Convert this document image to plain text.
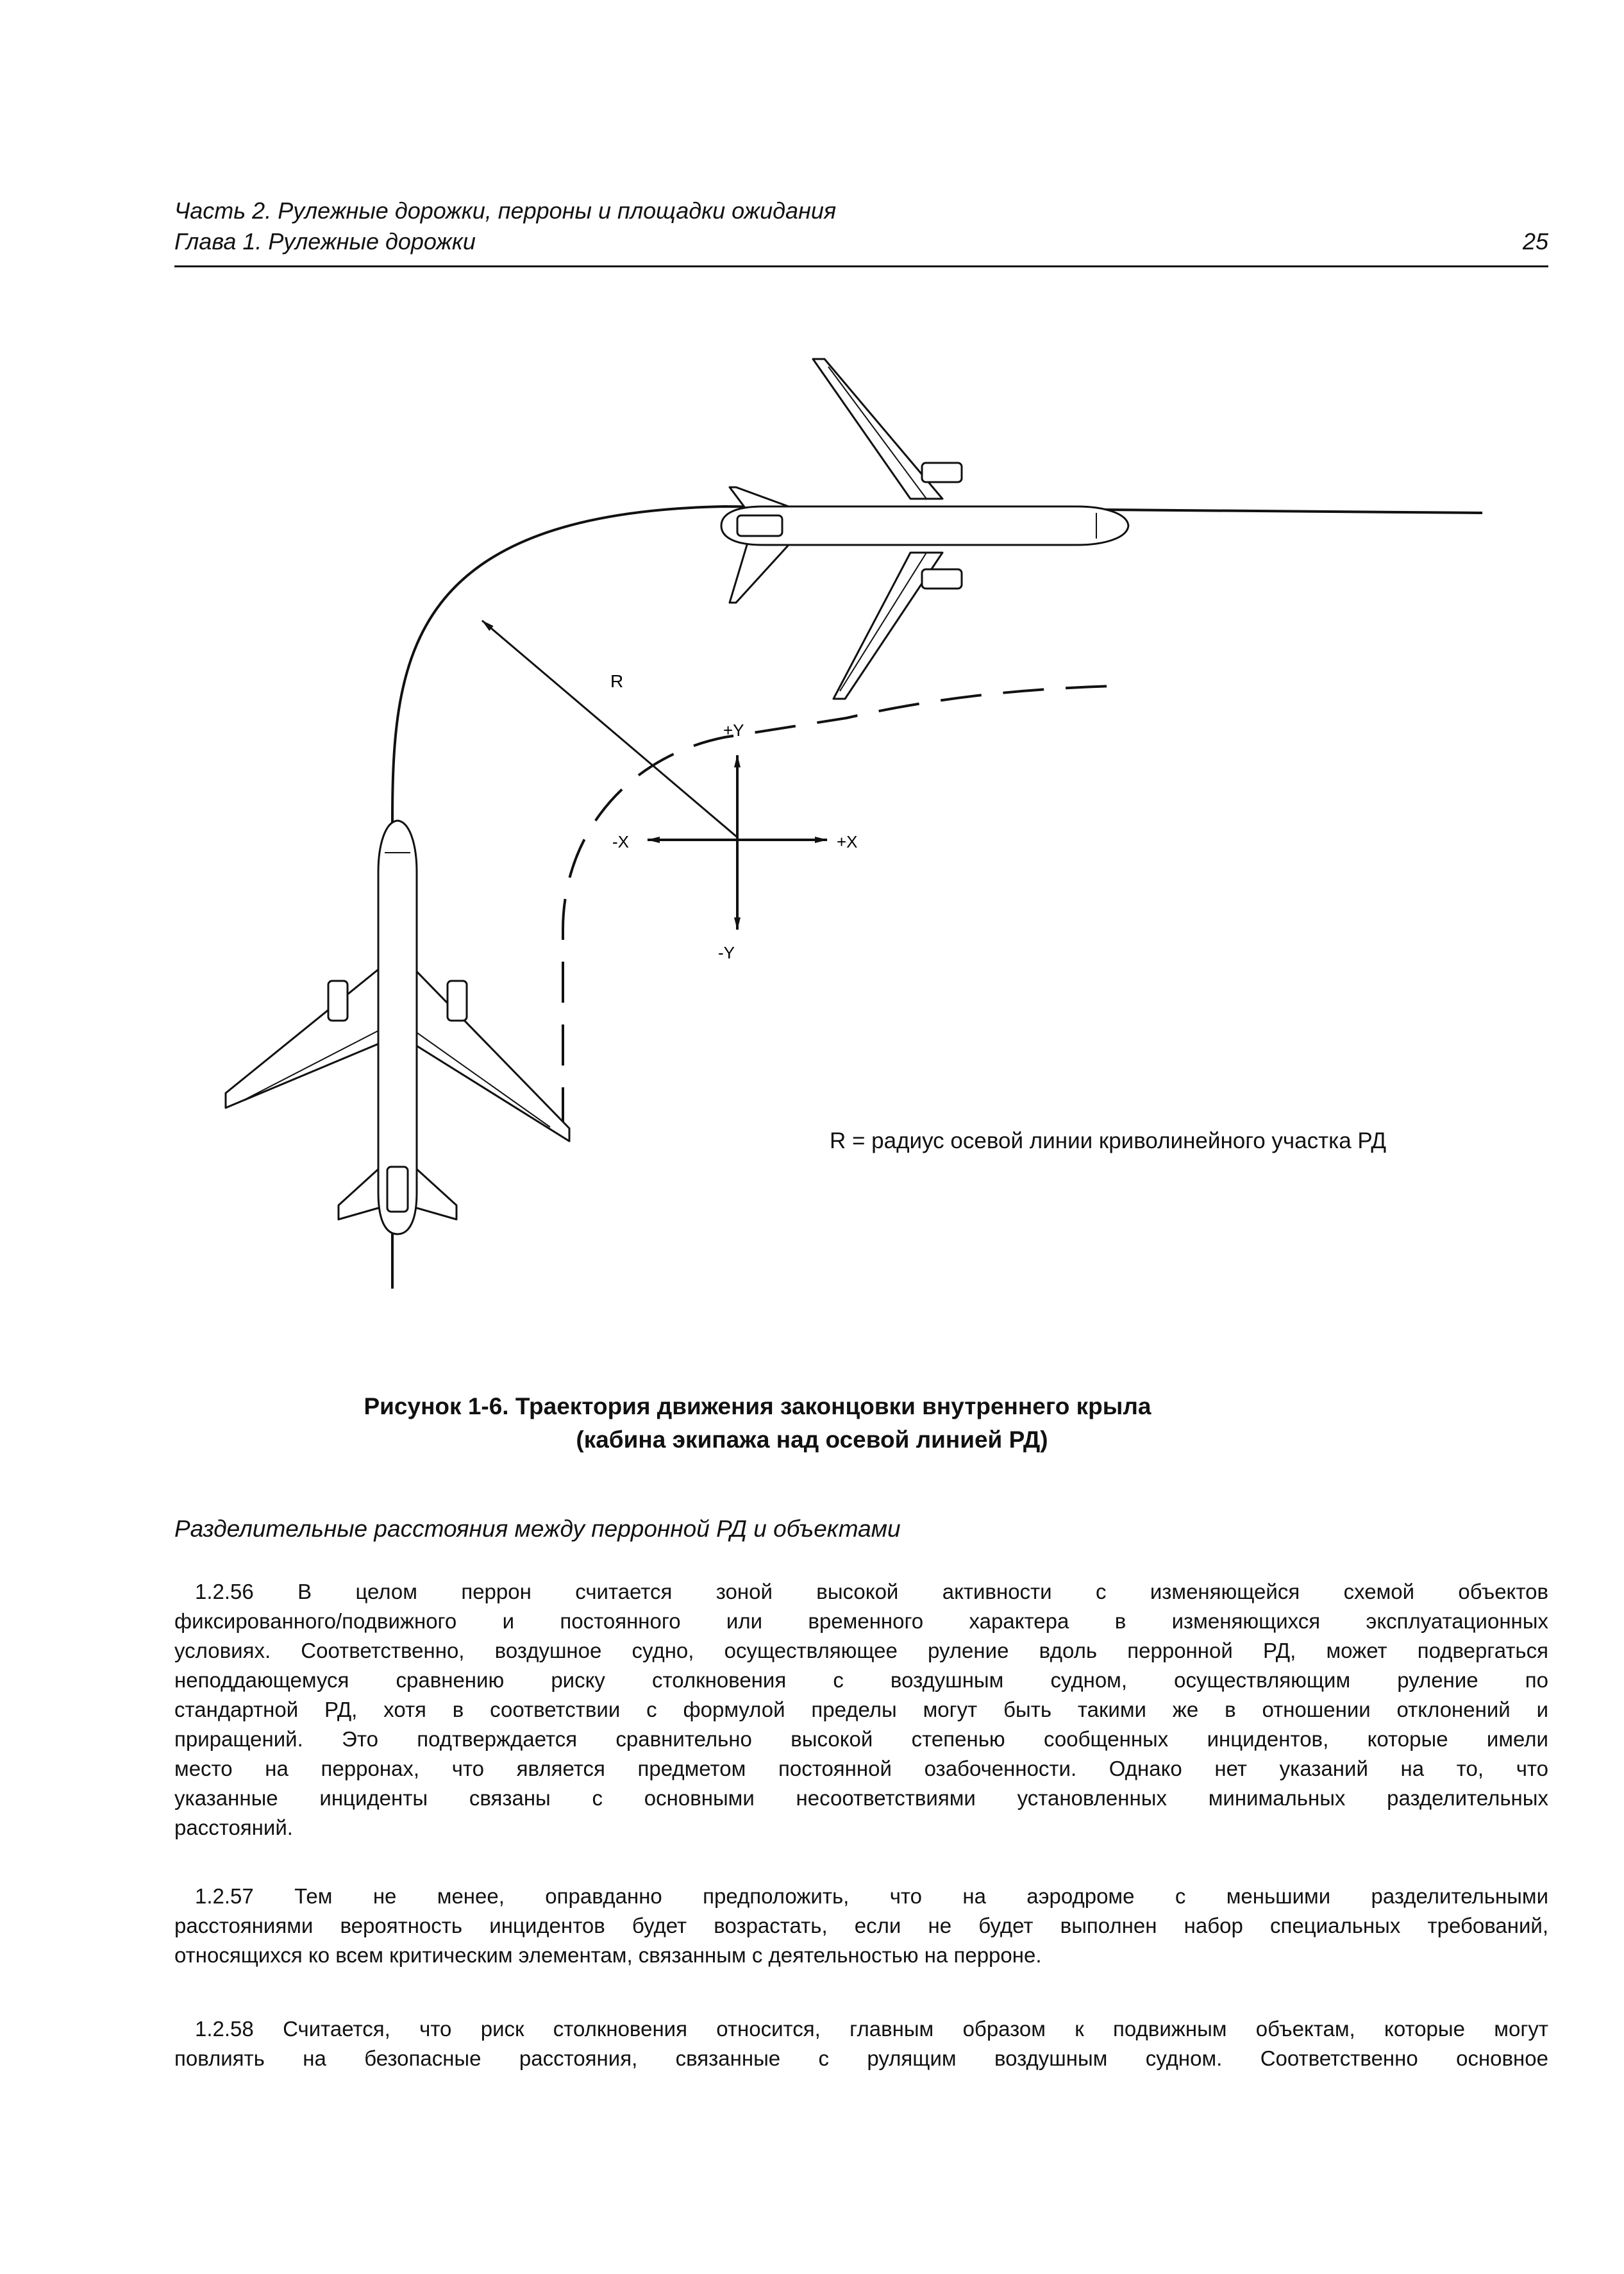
Часть 2. Рулежные дорожки, перроны и площадки ожидания
Глава 1. Рулежные дорожки	25
R
+Y
-Y
+X
-X
R = радиус осевой линии криволинейного участка РД
Рисунок 1-6. Траектория движения законцовки внутреннего крыла
(кабина экипажа над осевой линией РД)
Разделительные расстояния между перронной РД и объектами
1.2.56 В целом перрон считается зоной высокой активности с изменяющейся схемой объектов
фиксированного/подвижного и постоянного или временного характера в изменяющихся эксплуатационных
условиях. Соответственно, воздушное судно, осуществляющее руление вдоль перронной РД, может подвергаться
неподдающемуся сравнению риску столкновения с воздушным судном, осуществляющим руление по
стандартной РД, хотя в соответствии с формулой пределы могут быть такими же в отношении отклонений и
приращений. Это подтверждается сравнительно высокой степенью сообщенных инцидентов, которые имели
место на перронах, что является предметом постоянной озабоченности. Однако нет указаний на то, что
указанные инциденты связаны с основными несоответствиями установленных минимальных разделительных
расстояний.
1.2.57 Тем не менее, оправданно предположить, что на аэродроме с меньшими разделительными
расстояниями вероятность инцидентов будет возрастать, если не будет выполнен набор специальных требований,
относящихся ко всем критическим элементам, связанным с деятельностью на перроне.
1.2.58 Считается, что риск столкновения относится, главным образом к подвижным объектам, которые могут
повлиять на безопасные расстояния, связанные с рулящим воздушным судном. Соответственно основное
